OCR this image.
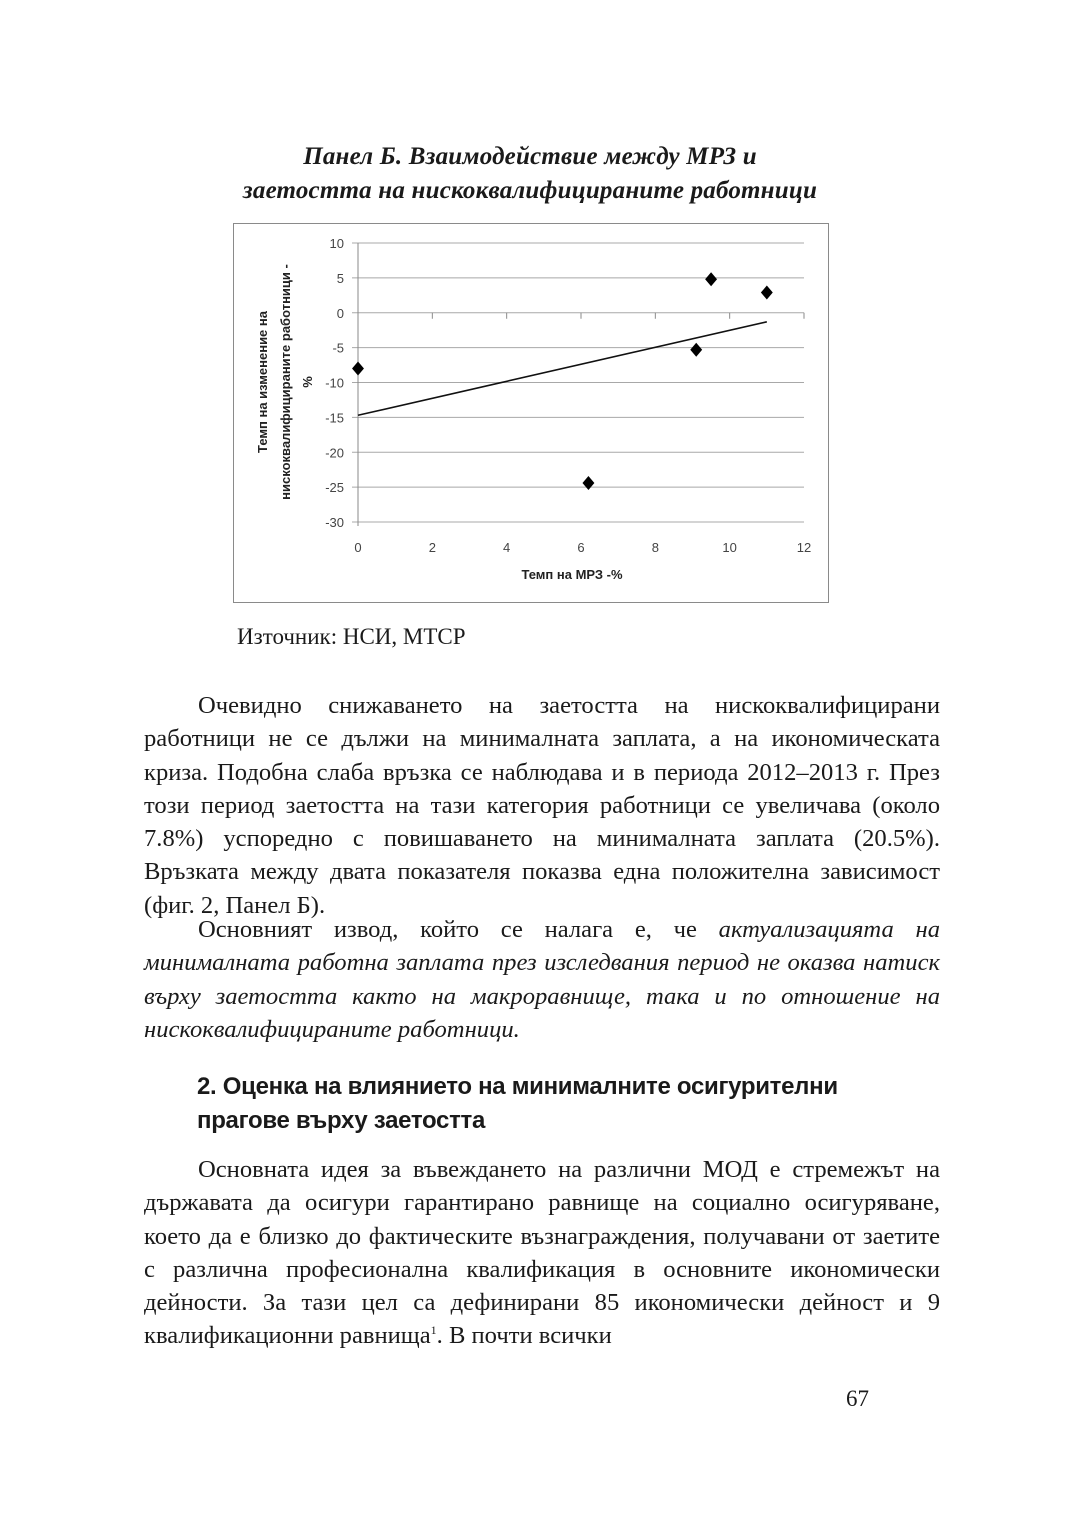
Панел Б. Взаимодействие между МРЗ и
заетостта на нискоквалифицираните работници
10
5
0
-5
-10
-15
-20
-25
-30
0	2	4	6	8	10	12
Темп на МРЗ -%
Темп на изменение на нискоквалифицираните работници - %
Източник: НСИ, МТСР

Очевидно снижаването на заетостта на нискоквалифицирани работници не се дължи на минималната заплата, а на икономическата криза. Подобна слаба връзка се наблюдава и в периода 2012–2013 г. През този период заетостта на тази категория работници се увеличава (около 7.8%) успоредно с повишаването на минималната заплата (20.5%). Връзката между двата показателя показва една положителна зависимост (фиг. 2, Панел Б).

Основният извод, който се налага е, че актуализацията на минималната работна заплата през изследвания период не оказва натиск върху заетостта както на макроравнище, така и по отношение на нискоквалифицираните работници.

2. Оценка на влиянието на минималните осигурителни
прагове върху заетостта

Основната идея за въвеждането на различни МОД е стремежът на държавата да осигури гарантирано равнище на социално осигуряване, което да е близко до фактическите възнаграждения, получавани от заетите с различна професионална квалификация в основните икономически дейности. За тази цел са дефинирани 85 икономически дейност и 9 квалификационни равнища$^1$. В почти всички

67
